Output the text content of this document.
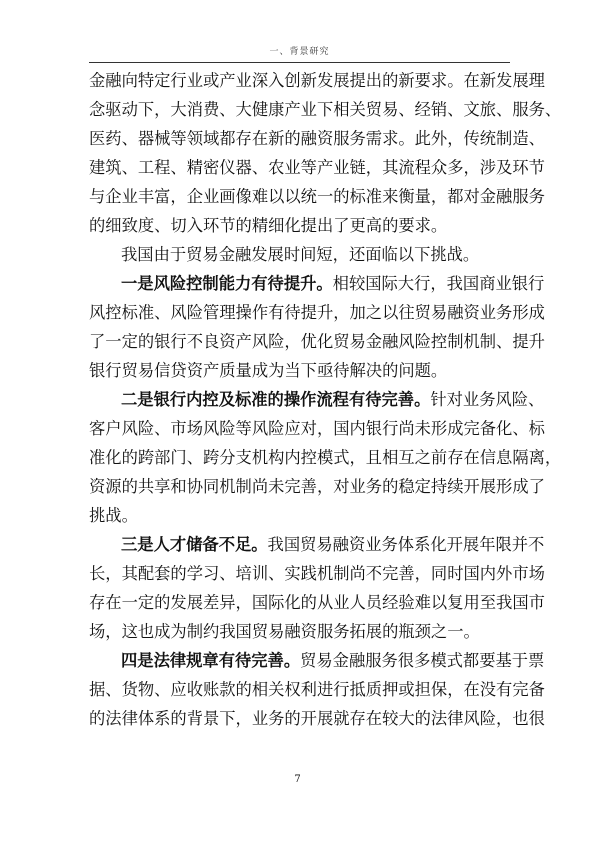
一、背景研究
金融向特定行业或产业深入创新发展提出的新要求。在新发展理
念驱动下，大消费、大健康产业下相关贸易、经销、文旅、服务、
医药、器械等领域都存在新的融资服务需求。此外，传统制造、
建筑、工程、精密仪器、农业等产业链，其流程众多，涉及环节
与企业丰富，企业画像难以以统一的标准来衡量，都对金融服务
的细致度、切入环节的精细化提出了更高的要求。
我国由于贸易金融发展时间短，还面临以下挑战。
一是风险控制能力有待提升。相较国际大行，我国商业银行
风控标准、风险管理操作有待提升，加之以往贸易融资业务形成
了一定的银行不良资产风险，优化贸易金融风险控制机制、提升
银行贸易信贷资产质量成为当下亟待解决的问题。
二是银行内控及标准的操作流程有待完善。针对业务风险、
客户风险、市场风险等风险应对，国内银行尚未形成完备化、标
准化的跨部门、跨分支机构内控模式，且相互之前存在信息隔离，
资源的共享和协同机制尚未完善，对业务的稳定持续开展形成了
挑战。
三是人才储备不足。我国贸易融资业务体系化开展年限并不
长，其配套的学习、培训、实践机制尚不完善，同时国内外市场
存在一定的发展差异，国际化的从业人员经验难以复用至我国市
场，这也成为制约我国贸易融资服务拓展的瓶颈之一。
四是法律规章有待完善。贸易金融服务很多模式都要基于票
据、货物、应收账款的相关权利进行抵质押或担保，在没有完备
的法律体系的背景下，业务的开展就存在较大的法律风险，也很
7
